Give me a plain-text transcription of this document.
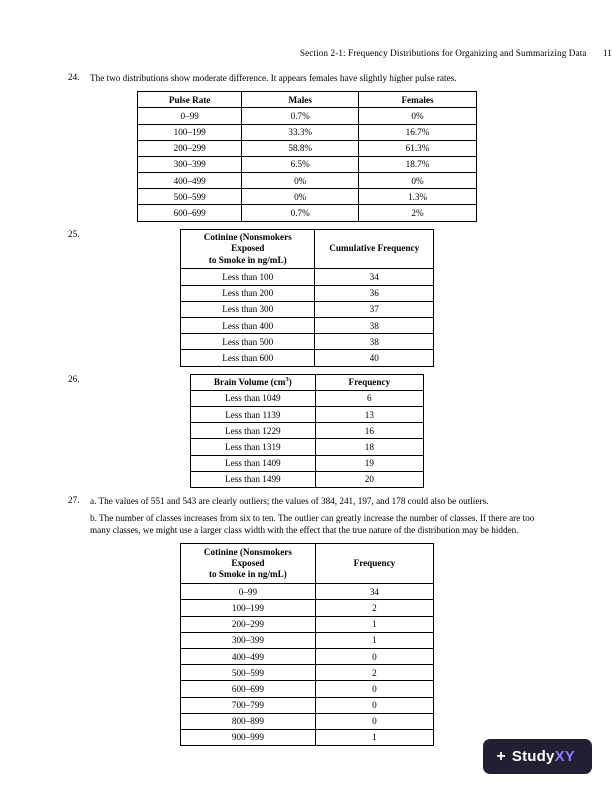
Section 2-1: Frequency Distributions for Organizing and Summarizing Data 11
24.	The two distributions show moderate difference. It appears females have slightly higher pulse rates.
Pulse Rate	Males	Females
0–99	0.7%	0%
100–199	33.3%	16.7%
200–299	58.8%	61.3%
300–399	6.5%	18.7%
400–499	0%	0%
500–599	0%	1.3%
600–699	0.7%	2%
25.	Cotinine (Nonsmokers Exposed
to Smoke in ng/mL)	Cumulative Frequency
Less than 100	34
Less than 200	36
Less than 300	37
Less than 400	38
Less than 500	38
Less than 600	40
26.	Brain Volume $(cm^3)$	Frequency
Less than 1049	6
Less than 1139	13
Less than 1229	16
Less than 1319	18
Less than 1409	19
Less than 1499	20
27.	a. The values of 551 and 543 are clearly outliers; the values of 384, 241, 197, and 178 could also be outliers.
b. The number of classes increases from six to ten. The outlier can greatly increase the number of classes. If there are too many classes, we might use a larger class width with the effect that the true nature of the distribution may be hidden.
Cotinine (Nonsmokers Exposed
to Smoke in ng/mL)	Frequency
0–99	34
100–199	2
200–299	1
300–399	1
400–499	0
500–599	2
600–699	0
700–799	0
800–899	0
900–999	1
+ StudyXY
